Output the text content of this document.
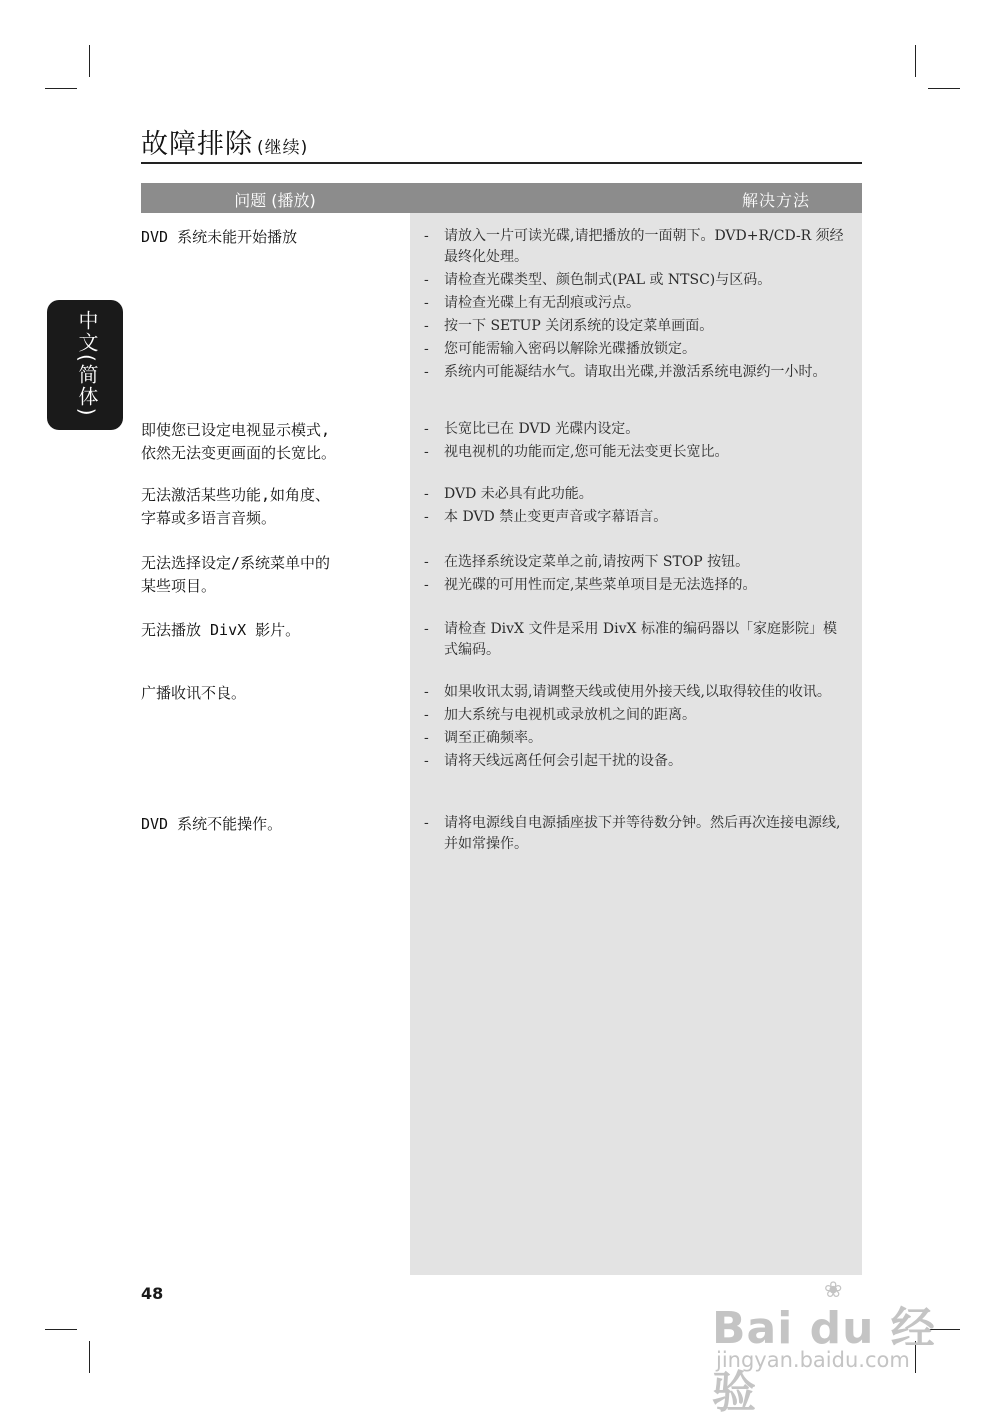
故障排除 (继续)
问题 (播放)	解决方法
中文(简体)
DVD 系统未能开始播放	- 请放入一片可读光碟,请把播放的一面朝下。DVD+R/CD-R 须经最终化处理。
- 请检查光碟类型、颜色制式(PAL 或 NTSC)与区码。
- 请检查光碟上有无刮痕或污点。
- 按一下 SETUP 关闭系统的设定菜单画面。
- 您可能需输入密码以解除光碟播放锁定。
- 系统内可能凝结水气。请取出光碟,并激活系统电源约一小时。
即使您已设定电视显示模式,
依然无法变更画面的长宽比。
- 长宽比已在 DVD 光碟内设定。
- 视电视机的功能而定,您可能无法变更长宽比。
无法激活某些功能,如角度、
字幕或多语言音频。
- DVD 未必具有此功能。
- 本 DVD 禁止变更声音或字幕语言。
无法选择设定/系统菜单中的
某些项目。
- 在选择系统设定菜单之前,请按两下 STOP 按钮。
- 视光碟的可用性而定,某些菜单项目是无法选择的。
无法播放 DivX 影片。	- 请检查 DivX 文件是采用 DivX 标准的编码器以「家庭影院」模式编码。
广播收讯不良。	- 如果收讯太弱,请调整天线或使用外接天线,以取得较佳的收讯。
- 加大系统与电视机或录放机之间的距离。
- 调至正确频率。
- 请将天线远离任何会引起干扰的设备。
DVD 系统不能操作。	- 请将电源线自电源插座拔下并等待数分钟。然后再次连接电源线,并如常操作。
48	❀
Bai du 经验
jingyan.baidu.com
